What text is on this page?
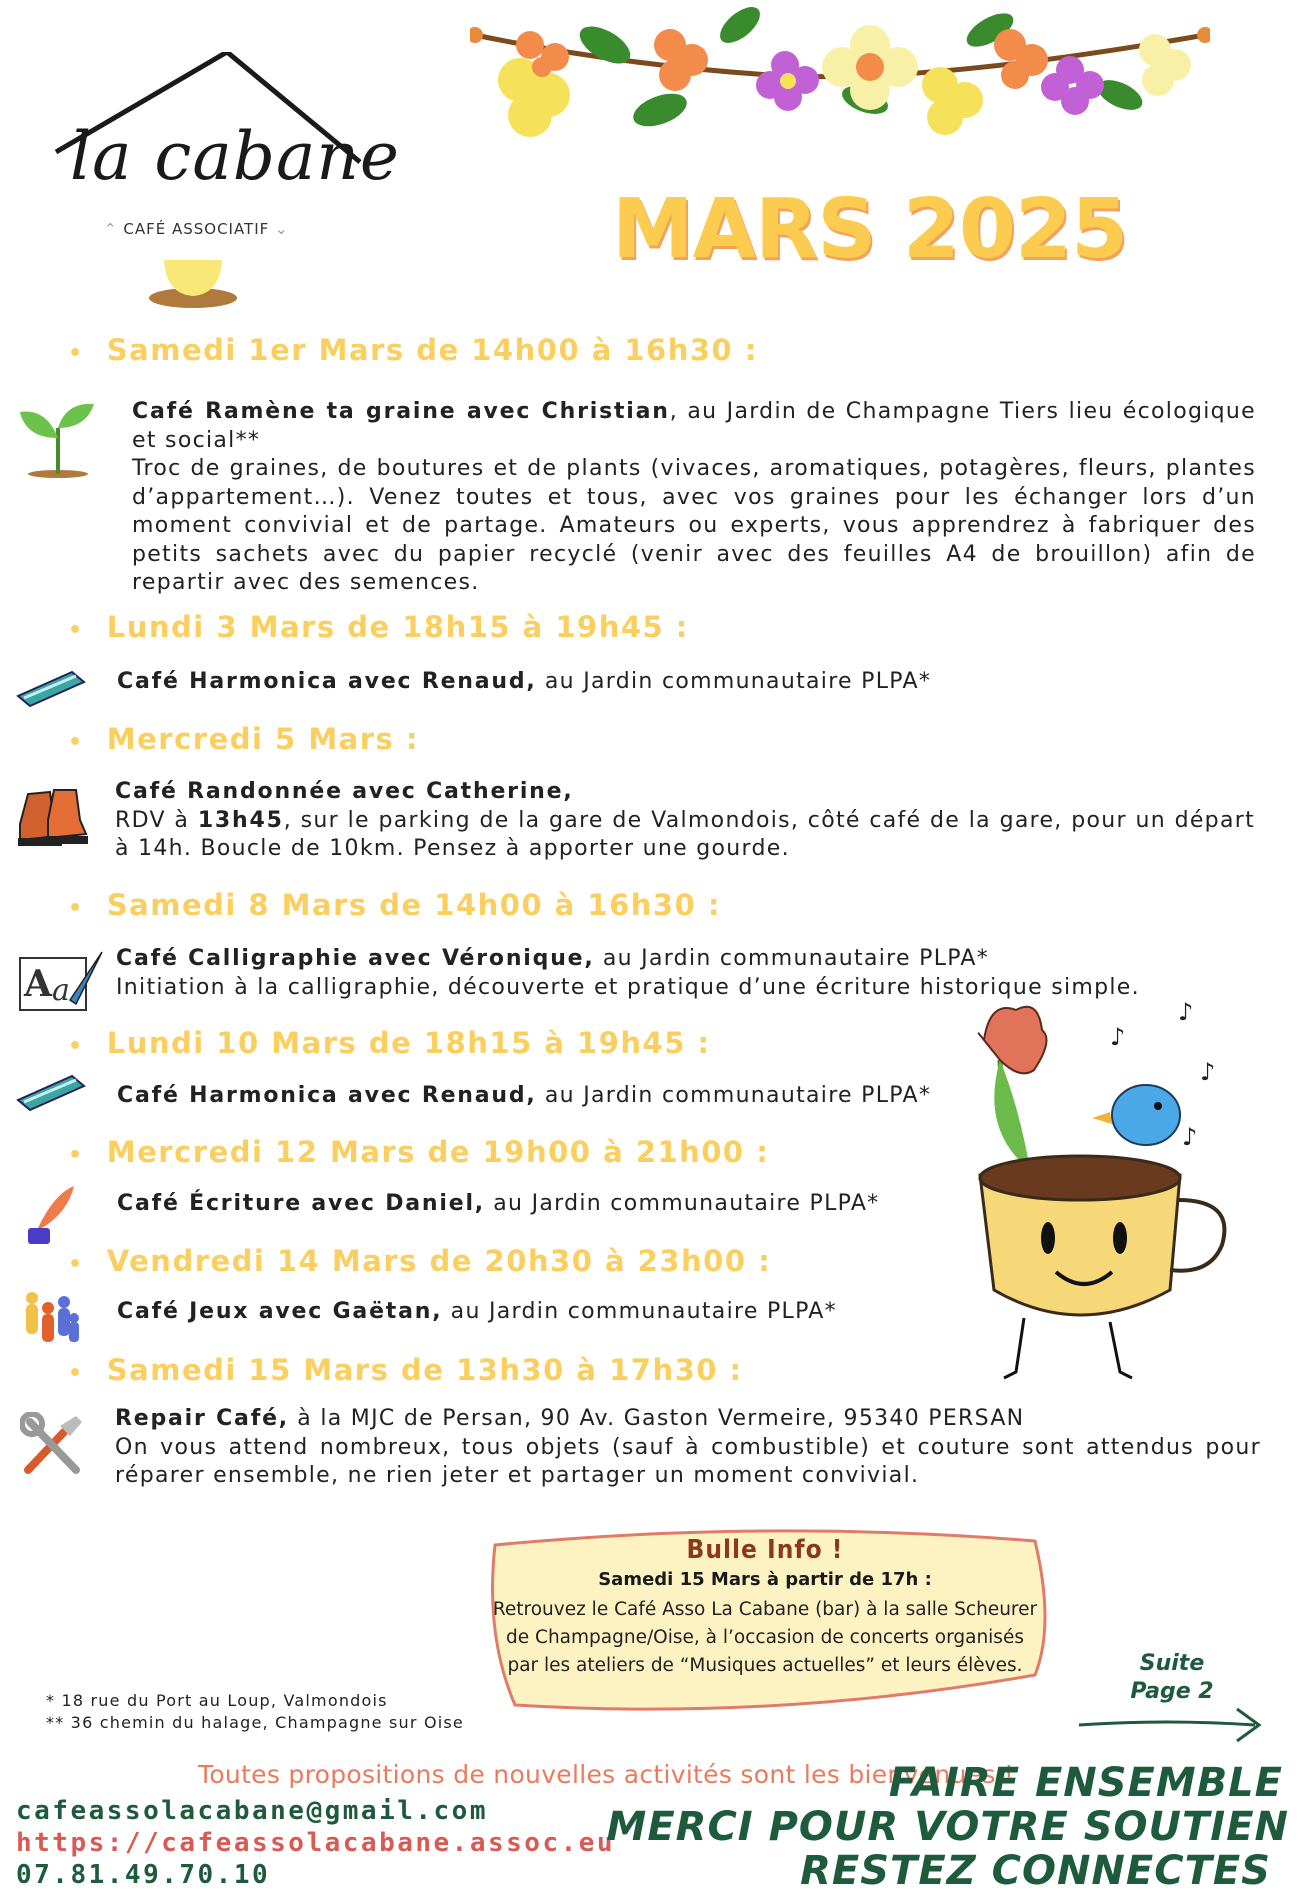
la cabane
⌃ CAFÉ ASSOCIATIF ⌄	MARS 2025
• Samedi 1er Mars de 14h00 à 16h30 :
Café Ramène ta graine avec Christian, au Jardin de Champagne Tiers lieu écologique et social**
Troc de graines, de boutures et de plants (vivaces, aromatiques, potagères, fleurs, plantes d’appartement…). Venez toutes et tous, avec vos graines pour les échanger lors d’un moment convivial et de partage. Amateurs ou experts, vous apprendrez à fabriquer des petits sachets avec du papier recyclé (venir avec des feuilles A4 de brouillon) afin de repartir avec des semences.
• Lundi 3 Mars de 18h15 à 19h45 :
Café Harmonica avec Renaud, au Jardin communautaire PLPA*
• Mercredi 5 Mars :
Café Randonnée avec Catherine,
RDV à 13h45, sur le parking de la gare de Valmondois, côté café de la gare, pour un départ à 14h. Boucle de 10km. Pensez à apporter une gourde.
• Samedi 8 Mars de 14h00 à 16h30 :
A a
Café Calligraphie avec Véronique, au Jardin communautaire PLPA*
Initiation à la calligraphie, découverte et pratique d’une écriture historique simple.
• Lundi 10 Mars de 18h15 à 19h45 :
Café Harmonica avec Renaud, au Jardin communautaire PLPA*
• Mercredi 12 Mars de 19h00 à 21h00 :
Café Écriture avec Daniel, au Jardin communautaire PLPA*
• Vendredi 14 Mars de 20h30 à 23h00 :
Café Jeux avec Gaëtan, au Jardin communautaire PLPA*
• Samedi 15 Mars de 13h30 à 17h30 :
Repair Café, à la MJC de Persan, 90 Av. Gaston Vermeire, 95340 PERSAN
On vous attend nombreux, tous objets (sauf à combustible) et couture sont attendus pour réparer ensemble, ne rien jeter et partager un moment convivial.
♪
♪
♪
♪
Bulle Info !
Samedi 15 Mars à partir de 17h :
Retrouvez le Café Asso La Cabane (bar) à la salle Scheurer de Champagne/Oise, à l’occasion de concerts organisés par les ateliers de “Musiques actuelles” et leurs élèves.
* 18 rue du Port au Loup, Valmondois
** 36 chemin du halage, Champagne sur Oise
Suite
Page 2
Toutes propositions de nouvelles activités sont les bienvenues !
cafeassolacabane@gmail.com
https://cafeassolacabane.assoc.eu
07.81.49.70.10
FAIRE ENSEMBLE
MERCI POUR VOTRE SOUTIEN
RESTEZ CONNECTES
